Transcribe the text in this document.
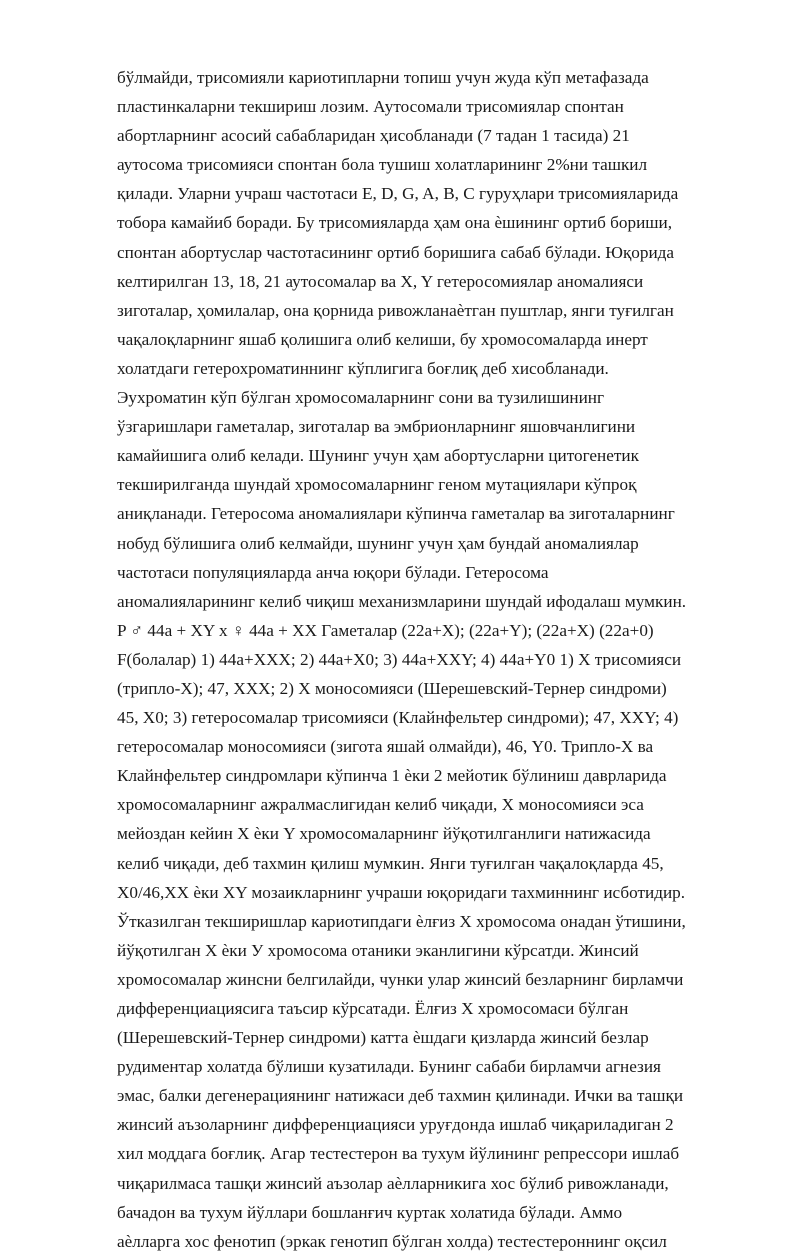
бўлмайди, трисомияли кариотипларни топиш учун жуда кўп метафазада
пластинкаларни текшириш лозим. Аутосомали трисомиялар спонтан
абортларнинг асосий сабабларидан ҳисобланади (7 тадан 1 тасида) 21
аутосома трисомияси спонтан бола тушиш холатларининг 2%ни ташкил
қилади. Уларни учраш частотаси E, D, G, A, B, C гуруҳлари трисомияларида
тобора камайиб боради. Бу трисомияларда ҳам она ѐшининг ортиб бориши,
спонтан абортуслар частотасининг ортиб боришига сабаб бўлади. Юқорида
келтирилган 13, 18, 21 аутосомалар ва X, Y гетеросомиялар аномалияси
зиготалар, ҳомилалар, она қорнида ривожланаѐтган пуштлар, янги туғилган
чақалоқларнинг яшаб қолишига олиб келиши, бу хромосомаларда инерт
холатдаги гетерохроматиннинг кўплигига боғлиқ деб хисобланади.
Эухроматин кўп бўлган хромосомаларнинг сони ва тузилишининг
ўзгаришлари гаметалар, зиготалар ва эмбрионларнинг яшовчанлигини
камайишига олиб келади. Шунинг учун ҳам абортусларни цитогенетик
текширилганда шундай хромосомаларнинг геном мутациялари кўпроқ
аниқланади. Гетеросома аномалиялари кўпинча гаметалар ва зиготаларнинг
нобуд бўлишига олиб келмайди, шунинг учун ҳам бундай аномалиялар
частотаси популяцияларда анча юқори бўлади. Гетеросома
аномалияларининг келиб чиқиш механизмларини шундай ифодалаш мумкин.
P ♂ 44a + XY x ♀ 44a + XX Гаметалар (22a+X); (22a+Y); (22a+X) (22a+0)
F(болалар) 1) 44a+XXX; 2) 44a+X0; 3) 44a+XXY; 4) 44a+Y0 1) X трисомияси
(трипло-X); 47, XXX; 2) X моносомияси (Шерешевский-Тернер синдроми)
45, X0; 3) гетеросомалар трисомияси (Клайнфельтер синдроми); 47, XXY; 4)
гетеросомалар моносомияси (зигота яшай олмайди), 46, Y0. Трипло-X ва
Клайнфельтер синдромлари кўпинча 1 ѐки 2 мейотик бўлиниш даврларида
хромосомаларнинг ажралмаслигидан келиб чиқади, X моносомияси эса
мейоздан кейин X ѐки Y хромосомаларнинг йўқотилганлиги натижасида
келиб чиқади, деб тахмин қилиш мумкин. Янги туғилган чақалоқларда 45,
X0/46,XX ѐки XY мозаикларнинг учраши юқоридаги тахминнинг исботидир.
Ўтказилган текширишлар кариотипдаги ѐлғиз X хромосома онадан ўтишини,
йўқотилган X ѐки У хромосома отаники эканлигини кўрсатди. Жинсий
хромосомалар жинсни белгилайди, чунки улар жинсий безларнинг бирламчи
дифференциациясига таъсир кўрсатади. Ёлғиз X хромосомаси бўлган
(Шерешевский-Тернер синдроми) катта ѐшдаги қизларда жинсий безлар
рудиментар холатда бўлиши кузатилади. Бунинг сабаби бирламчи агнезия
эмас, балки дегенерациянинг натижаси деб тахмин қилинади. Ички ва ташқи
жинсий аъзоларнинг дифференциацияси уруғдонда ишлаб чиқариладиган 2
хил моддага боғлиқ. Агар тестестерон ва тухум йўлининг репрессори ишлаб
чиқарилмаса ташқи жинсий аъзолар аѐлларникига хос бўлиб ривожланади,
бачадон ва тухум йўллари бошланғич куртак холатида бўлади. Аммо
аѐлларга хос фенотип (эркак генотип бўлган холда) тестестероннинг оқсил
